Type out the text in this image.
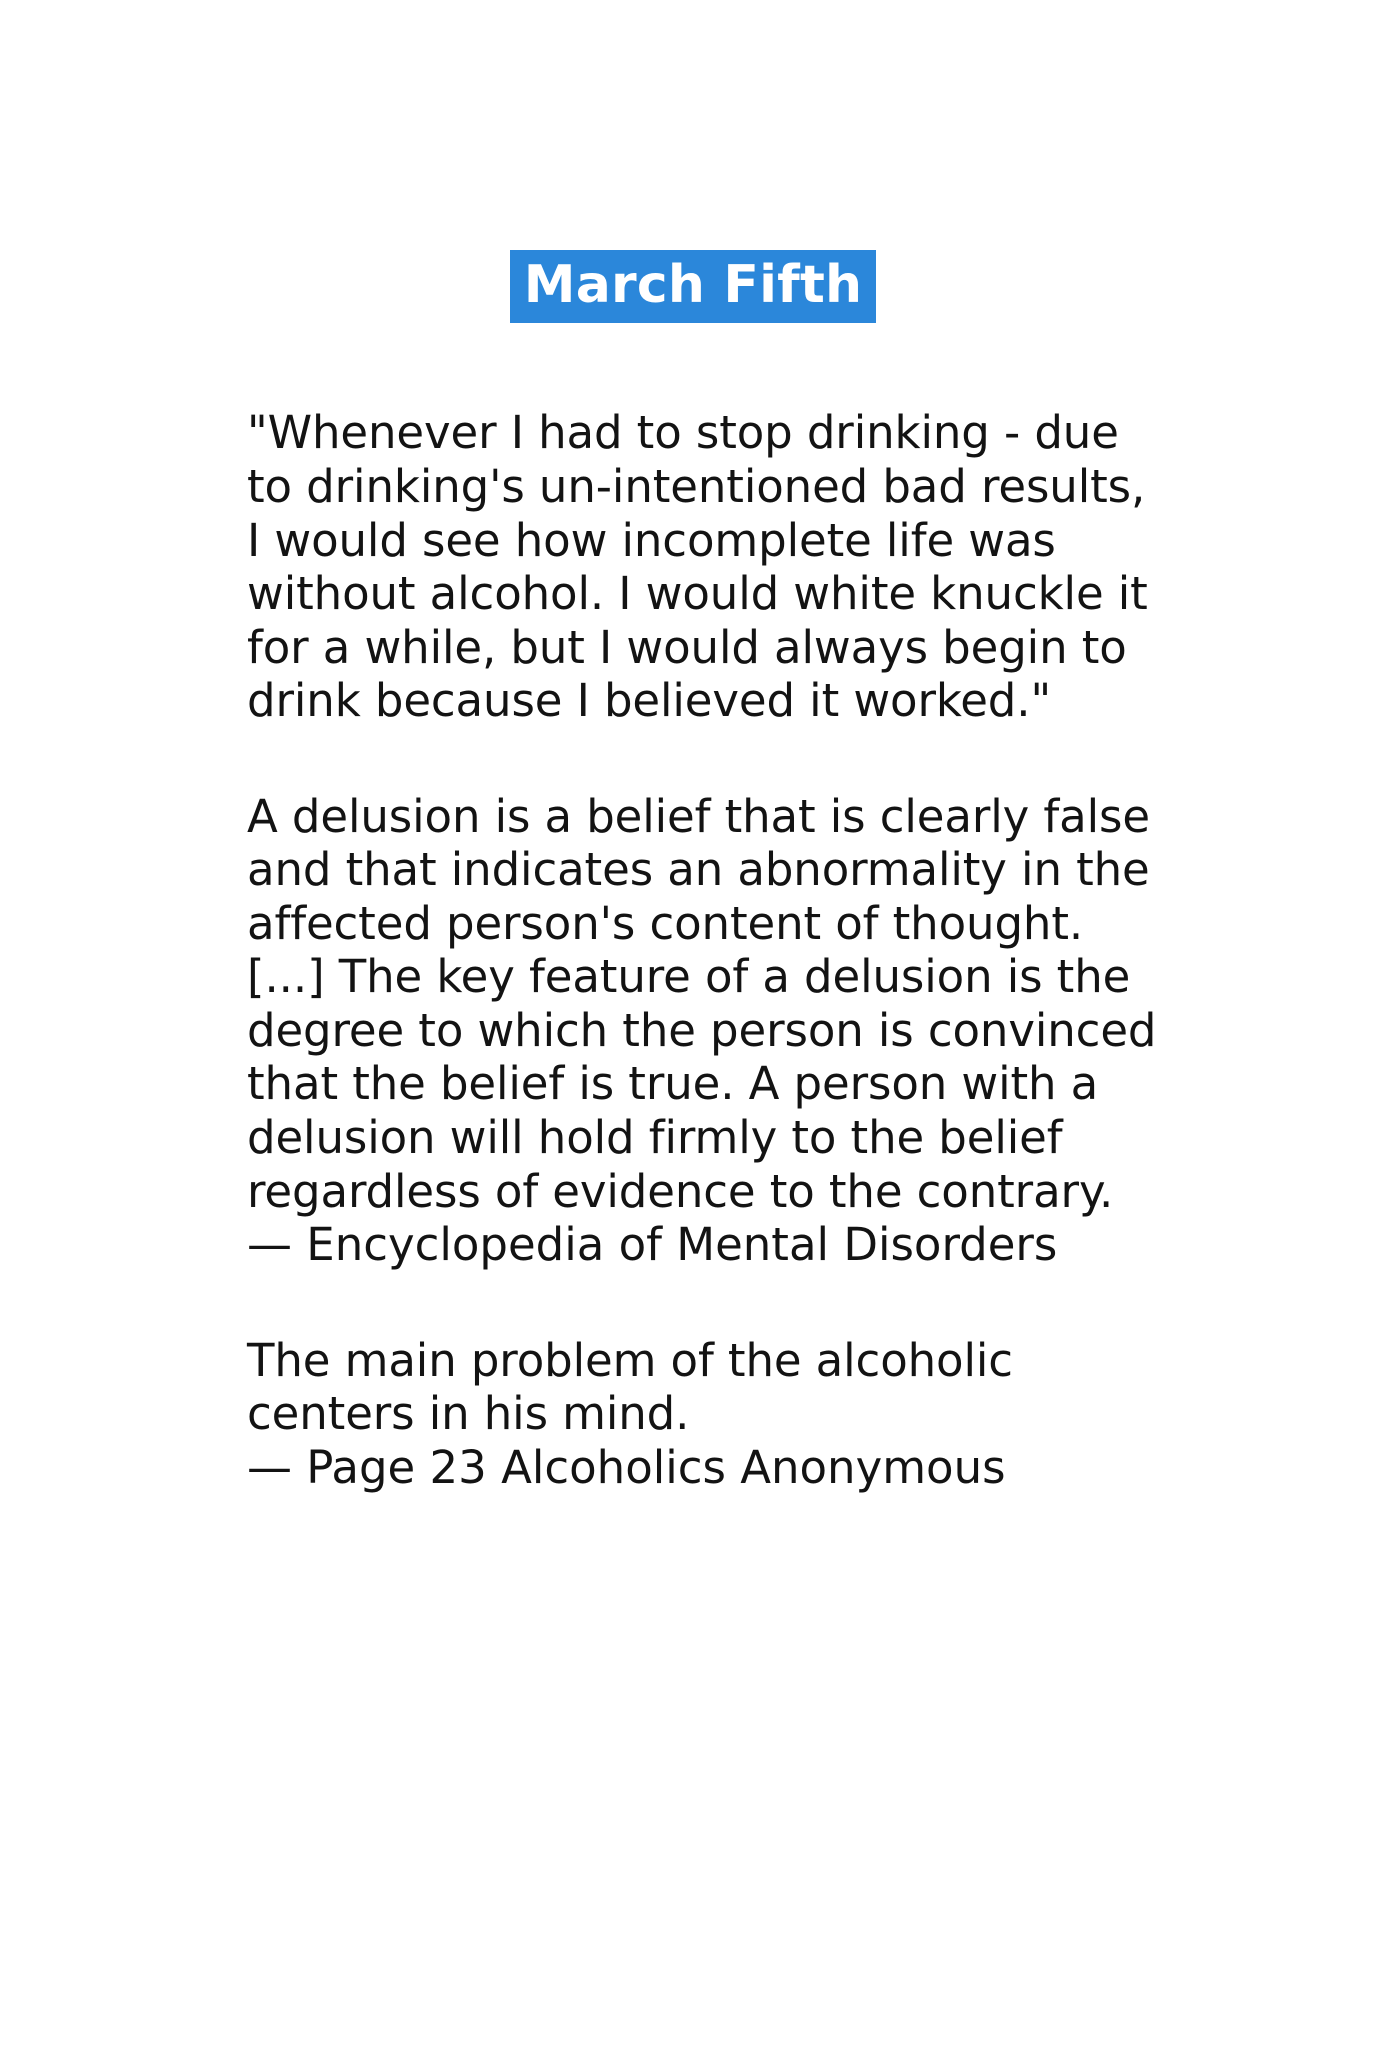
March Fifth

"Whenever I had to stop drinking - due to drinking's un-intentioned bad results, I would see how incomplete life was without alcohol. I would white knuckle it for a while, but I would always begin to drink because I believed it worked."

A delusion is a belief that is clearly false and that indicates an abnormality in the affected person's content of thought. [...] The key feature of a delusion is the degree to which the person is convinced that the belief is true. A person with a delusion will hold firmly to the belief regardless of evidence to the contrary.

— Encyclopedia of Mental Disorders

The main problem of the alcoholic centers in his mind.

— Page 23 Alcoholics Anonymous
